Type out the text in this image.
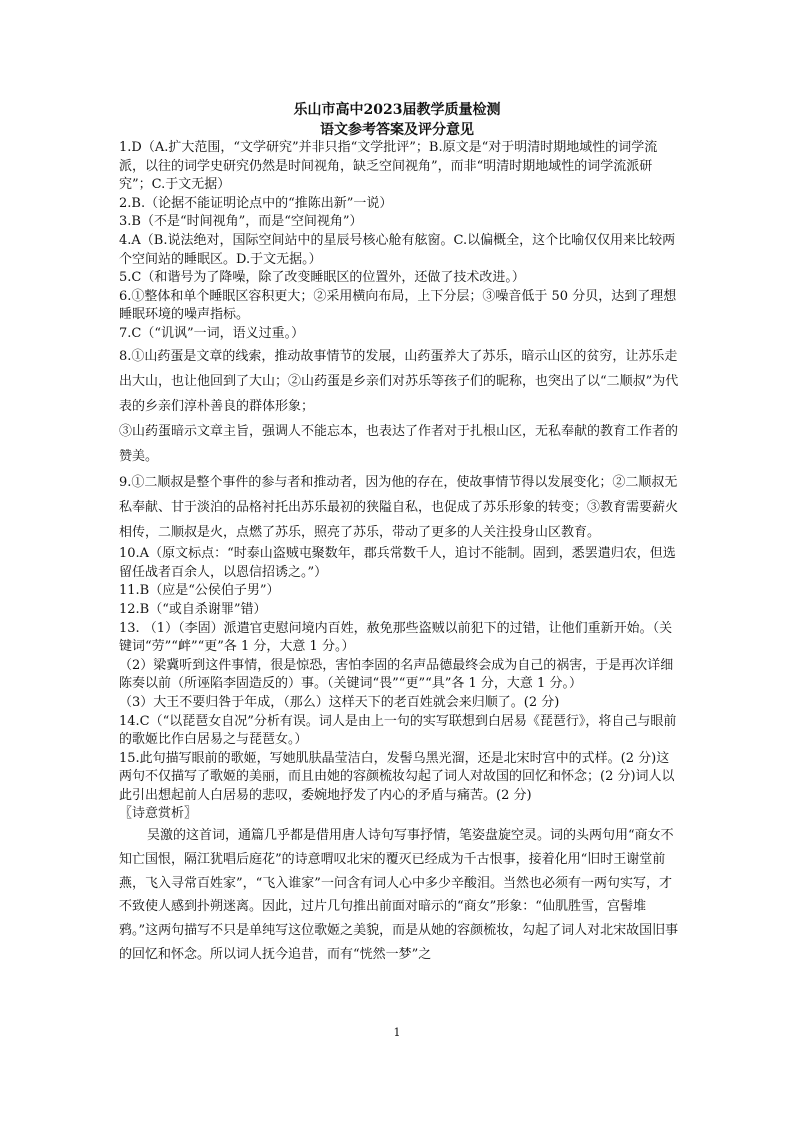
乐山市高中2023届教学质量检测
语文参考答案及评分意见

1.D（A.扩大范围，“文学研究”并非只指“文学批评”；B.原文是“对于明清时期地域性的词学流派，以往的词学史研究仍然是时间视角，缺乏空间视角”，而非“明清时期地域性的词学流派研究”；C.于文无据）

2.B.（论据不能证明论点中的“推陈出新”一说）

3.B（不是“时间视角”，而是“空间视角”）

4.A（B.说法绝对，国际空间站中的星辰号核心舱有舷窗。C.以偏概全，这个比喻仅仅用来比较两个空间站的睡眠区。D.于文无据。）

5.C（和谐号为了降噪，除了改变睡眠区的位置外，还做了技术改进。）

6.①整体和单个睡眠区容积更大；②采用横向布局，上下分层；③噪音低于 50 分贝，达到了理想睡眠环境的噪声指标。

7.C（“讥讽”一词，语义过重。）

8.①山药蛋是文章的线索，推动故事情节的发展，山药蛋养大了苏乐，暗示山区的贫穷，让苏乐走出大山，也让他回到了大山；②山药蛋是乡亲们对苏乐等孩子们的昵称，也突出了以“二顺叔”为代表的乡亲们淳朴善良的群体形象；

③山药蛋暗示文章主旨，强调人不能忘本，也表达了作者对于扎根山区，无私奉献的教育工作者的赞美。

9.①二顺叔是整个事件的参与者和推动者，因为他的存在，使故事情节得以发展变化；②二顺叔无私奉献、甘于淡泊的品格衬托出苏乐最初的狭隘自私，也促成了苏乐形象的转变；③教育需要薪火相传，二顺叔是火，点燃了苏乐，照亮了苏乐，带动了更多的人关注投身山区教育。

10.A（原文标点：“时泰山盗贼屯聚数年，郡兵常数千人，追讨不能制。固到，悉罢遣归农，但选留任战者百余人，以恩信招诱之。”）

11.B（应是“公侯伯子男”）

12.B（“或自杀谢罪”错）

13. （1）（李固）派遣官吏慰问境内百姓，赦免那些盗贼以前犯下的过错，让他们重新开始。（关键词“劳”“衅”“更”各 1 分，大意 1 分。）

（2）梁冀听到这件事情，很是惊恐，害怕李固的名声品德最终会成为自己的祸害，于是再次详细陈奏以前（所诬陷李固造反的）事。（关键词“畏”“更”“具”各 1 分，大意 1 分。）

（3）大王不要归咎于年成，（那么）这样天下的老百姓就会来归顺了。(2 分)

14.C（“以琵琶女自况”分析有误。词人是由上一句的实写联想到白居易《琵琶行》，将自己与眼前的歌姬比作白居易之与琵琶女。）

15.此句描写眼前的歌姬，写她肌肤晶莹洁白，发髻乌黑光溜，还是北宋时宫中的式样。(2 分)这两句不仅描写了歌姬的美丽，而且由她的容颜梳妆勾起了词人对故国的回忆和怀念；(2 分)词人以此引出想起前人白居易的悲叹，委婉地抒发了内心的矛盾与痛苦。(2 分)

〖诗意赏析〗

吴激的这首词，通篇几乎都是借用唐人诗句写事抒情，笔姿盘旋空灵。词的头两句用“商女不知亡国恨，隔江犹唱后庭花”的诗意喟叹北宋的覆灭已经成为千古恨事，接着化用“旧时王谢堂前燕，飞入寻常百姓家”，“飞入谁家”一问含有词人心中多少辛酸泪。当然也必须有一两句实写，才不致使人感到扑朔迷离。因此，过片几句推出前面对暗示的“商女”形象：“仙肌胜雪，宫髻堆鸦。”这两句描写不只是单纯写这位歌姬之美貌，而是从她的容颜梳妆，勾起了词人对北宋故国旧事的回忆和怀念。所以词人抚今追昔，而有“恍然一梦”之

1
